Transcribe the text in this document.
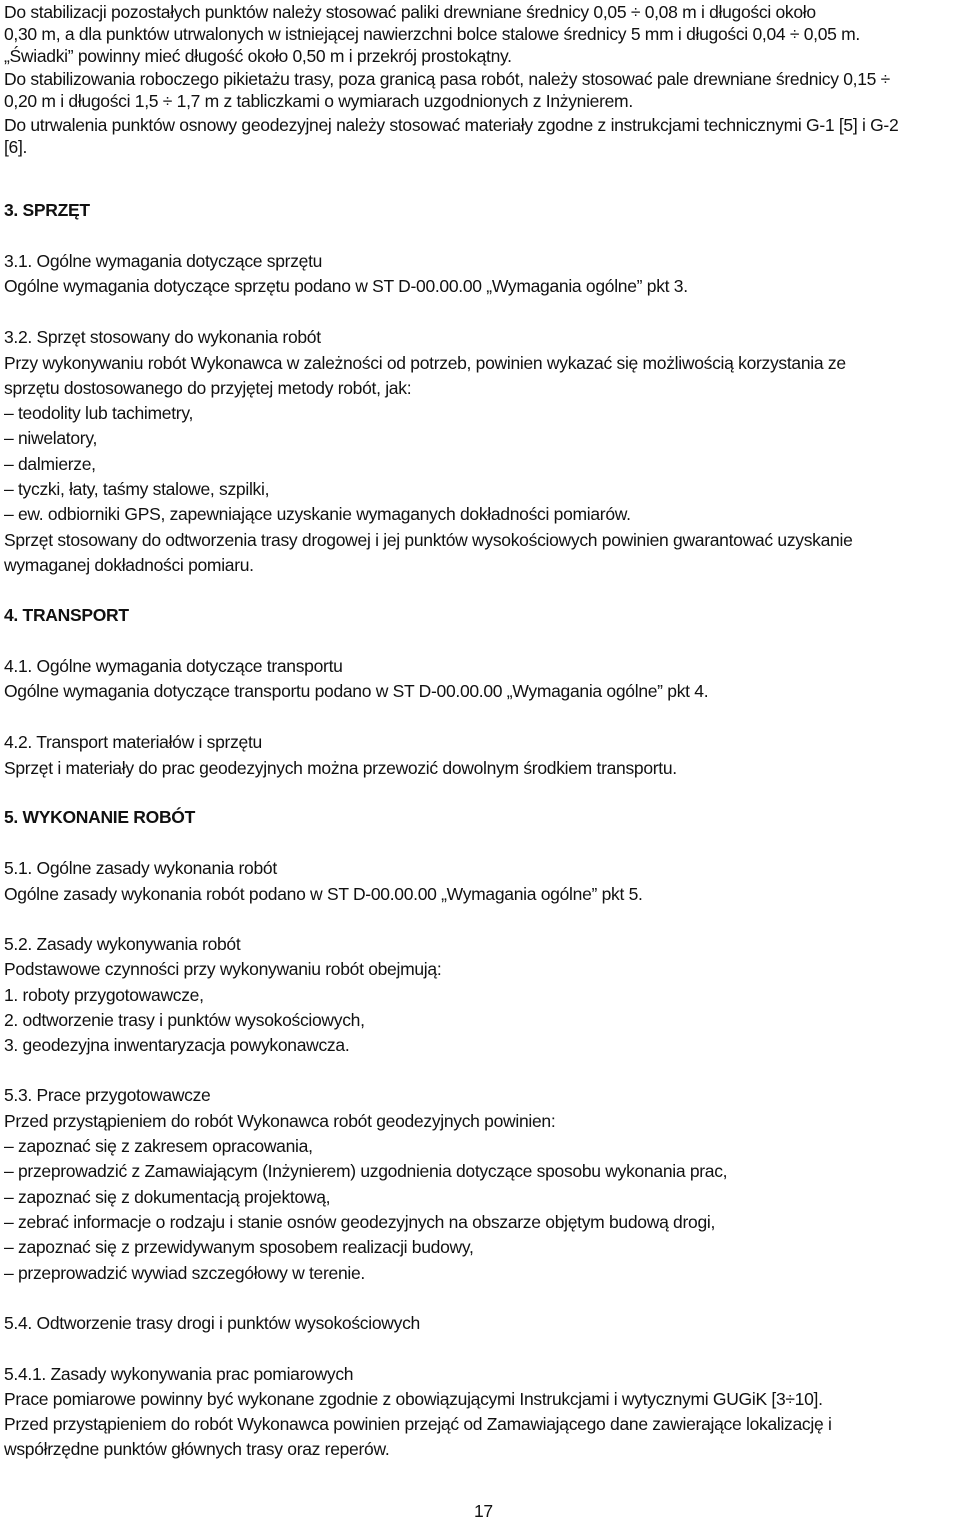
Do stabilizacji pozostałych punktów należy stosować paliki drewniane średnicy 0,05 ÷ 0,08 m i długości około
0,30 m, a dla punktów utrwalonych w istniejącej nawierzchni bolce stalowe średnicy 5 mm i długości 0,04 ÷ 0,05 m.
„Świadki” powinny mieć długość około 0,50 m i przekrój prostokątny.
Do stabilizowania roboczego pikietażu trasy, poza granicą pasa robót, należy stosować pale drewniane średnicy 0,15 ÷
0,20 m i długości 1,5 ÷ 1,7 m z tabliczkami o wymiarach uzgodnionych z Inżynierem.
Do utrwalenia punktów osnowy geodezyjnej należy stosować materiały zgodne z instrukcjami technicznymi G-1 [5] i G-2
[6].
3. SPRZĘT
3.1. Ogólne wymagania dotyczące sprzętu
Ogólne wymagania dotyczące sprzętu podano w ST D-00.00.00 „Wymagania ogólne” pkt 3.
3.2. Sprzęt stosowany do wykonania robót
Przy wykonywaniu robót Wykonawca w zależności od potrzeb, powinien wykazać się możliwością korzystania ze
sprzętu dostosowanego do przyjętej metody robót, jak:
– teodolity lub tachimetry,
– niwelatory,
– dalmierze,
– tyczki, łaty, taśmy stalowe, szpilki,
– ew. odbiorniki GPS, zapewniające uzyskanie wymaganych dokładności pomiarów.
Sprzęt stosowany do odtworzenia trasy drogowej i jej punktów wysokościowych powinien gwarantować uzyskanie
wymaganej dokładności pomiaru.
4. TRANSPORT
4.1. Ogólne wymagania dotyczące transportu
Ogólne wymagania dotyczące transportu podano w ST D-00.00.00 „Wymagania ogólne” pkt 4.
4.2. Transport materiałów i sprzętu
Sprzęt i materiały do prac geodezyjnych można przewozić dowolnym środkiem transportu.
5. WYKONANIE ROBÓT
5.1. Ogólne zasady wykonania robót
Ogólne zasady wykonania robót podano w ST D-00.00.00 „Wymagania ogólne” pkt 5.
5.2. Zasady wykonywania robót
Podstawowe czynności przy wykonywaniu robót obejmują:
1. roboty przygotowawcze,
2. odtworzenie trasy i punktów wysokościowych,
3. geodezyjna inwentaryzacja powykonawcza.
5.3. Prace przygotowawcze
Przed przystąpieniem do robót Wykonawca robót geodezyjnych powinien:
– zapoznać się z zakresem opracowania,
– przeprowadzić z Zamawiającym (Inżynierem) uzgodnienia dotyczące sposobu wykonania prac,
– zapoznać się z dokumentacją projektową,
– zebrać informacje o rodzaju i stanie osnów geodezyjnych na obszarze objętym budową drogi,
– zapoznać się z przewidywanym sposobem realizacji budowy,
– przeprowadzić wywiad szczegółowy w terenie.
5.4. Odtworzenie trasy drogi i punktów wysokościowych
5.4.1. Zasady wykonywania prac pomiarowych
Prace pomiarowe powinny być wykonane zgodnie z obowiązującymi Instrukcjami i wytycznymi GUGiK [3÷10].
Przed przystąpieniem do robót Wykonawca powinien przejąć od Zamawiającego dane zawierające lokalizację i
współrzędne punktów głównych trasy oraz reperów.
17
